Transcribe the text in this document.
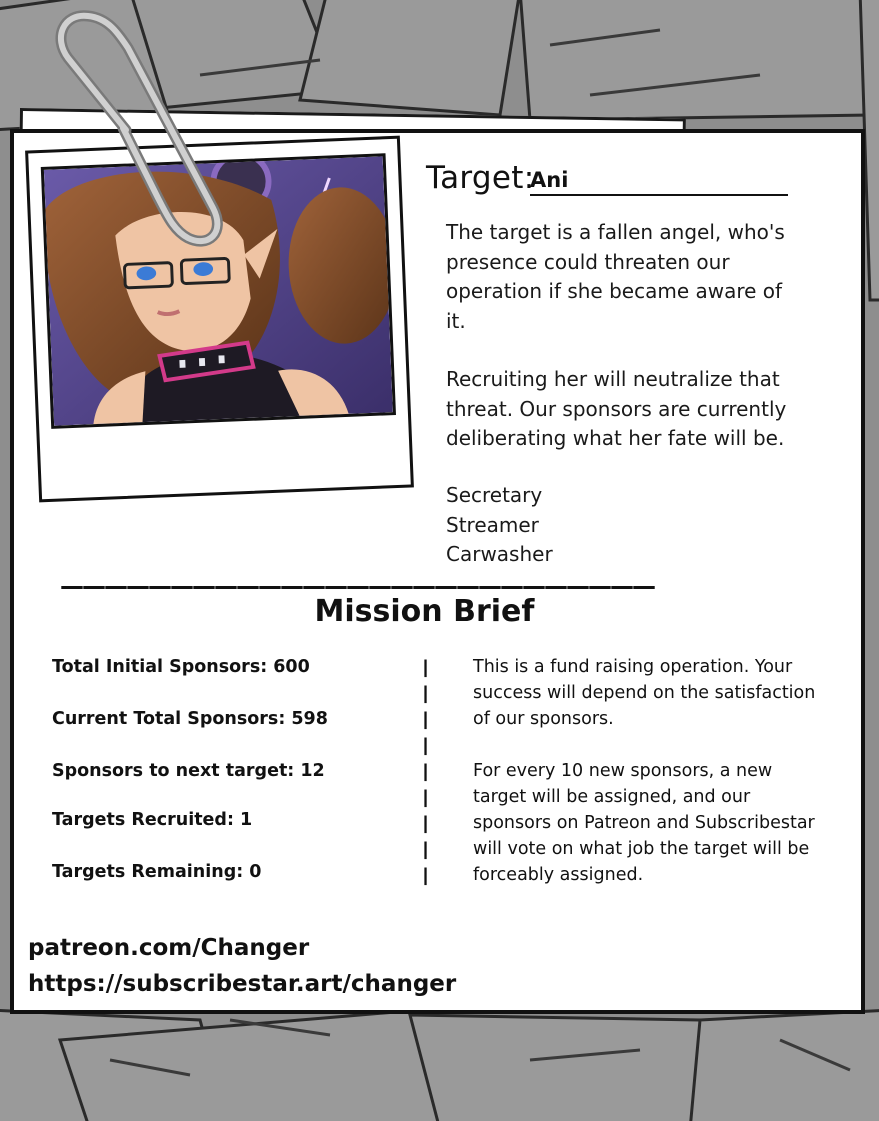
Target:
Ani

The target is a fallen angel, who's presence could threaten our operation if she became aware of it.

Recruiting her will neutralize that threat. Our sponsors are currently deliberating what her fate will be.

Secretary
Streamer
Carwasher
———————————————————————————
Mission Brief
Total Initial Sponsors: 600
Current Total Sponsors: 598
Sponsors to next target: 12
Targets Recruited: 1
Targets Remaining: 0
|
|
|
|
|
|
|
|
|

This is a fund raising operation. Your success will depend on the satisfaction of our sponsors.

For every 10 new sponsors, a new target will be assigned, and our sponsors on Patreon and Subscribestar will vote on what job the target will be forceably assigned.

patreon.com/Changer
https://subscribestar.art/changer
